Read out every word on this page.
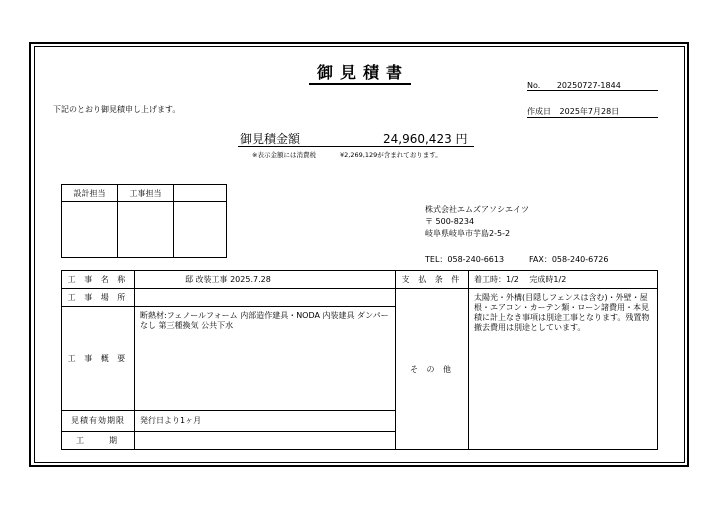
御見積書
No. 20250727-1844
下記のとおり御見積申し上げます。	作成日 2025年7月28日
御見積金額	24,960,423 円
※表示金額には消費税	¥2,269,129が含まれております。
設計担当	工事担当	

株式会社エムズアソシエイツ
〒 500-8234
岐阜県岐阜市芋島2-5-2
TEL：058-240-6613	FAX：058-240-6726
工 事 名 称	邸 改装工事 2025.7.28	支 払 条 件	着工時：1/2　 完成時1/2
工 事 場 所		そ の 他	太陽光・外構(目隠しフェンスは含む)・外壁・屋根・エアコン・カーテン類・ローン諸費用・本見積に計上なき事項は別途工事となります。残置物撤去費用は別途としています。
工 事 概 要	断熱材:フェノールフォーム 内部造作建具・NODA 内装建具 ダンパーなし 第三種換気 公共下水		
見積有効期限	発行日より1ヶ月		
工　　期			
